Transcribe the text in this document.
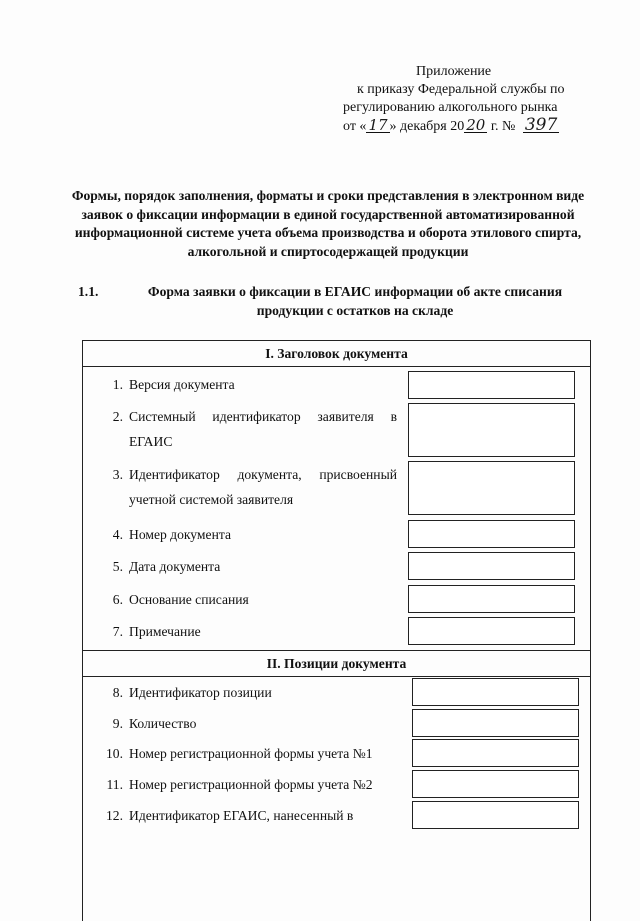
Приложение
к приказу Федеральной службы по
регулированию алкогольного рынка
от « 17 » декабря 20 20 г. № 397
Формы, порядок заполнения, форматы и сроки представления в электронном виде заявок о фиксации информации в единой государственной автоматизированной информационной системе учета объема производства и оборота этилового спирта, алкогольной и спиртосодержащей продукции
1.1.	Форма заявки о фиксации в ЕГАИС информации об акте списания продукции с остатков на складе
I. Заголовок документа
1. Версия документа
2. Системный идентификатор заявителя в ЕГАИС
3. Идентификатор документа, присвоенный учетной системой заявителя
4. Номер документа
5. Дата документа
6. Основание списания
7. Примечание
II. Позиции документа
8. Идентификатор позиции
9. Количество
10. Номер регистрационной формы учета №1
11. Номер регистрационной формы учета №2
12. Идентификатор ЕГАИС, нанесенный в
